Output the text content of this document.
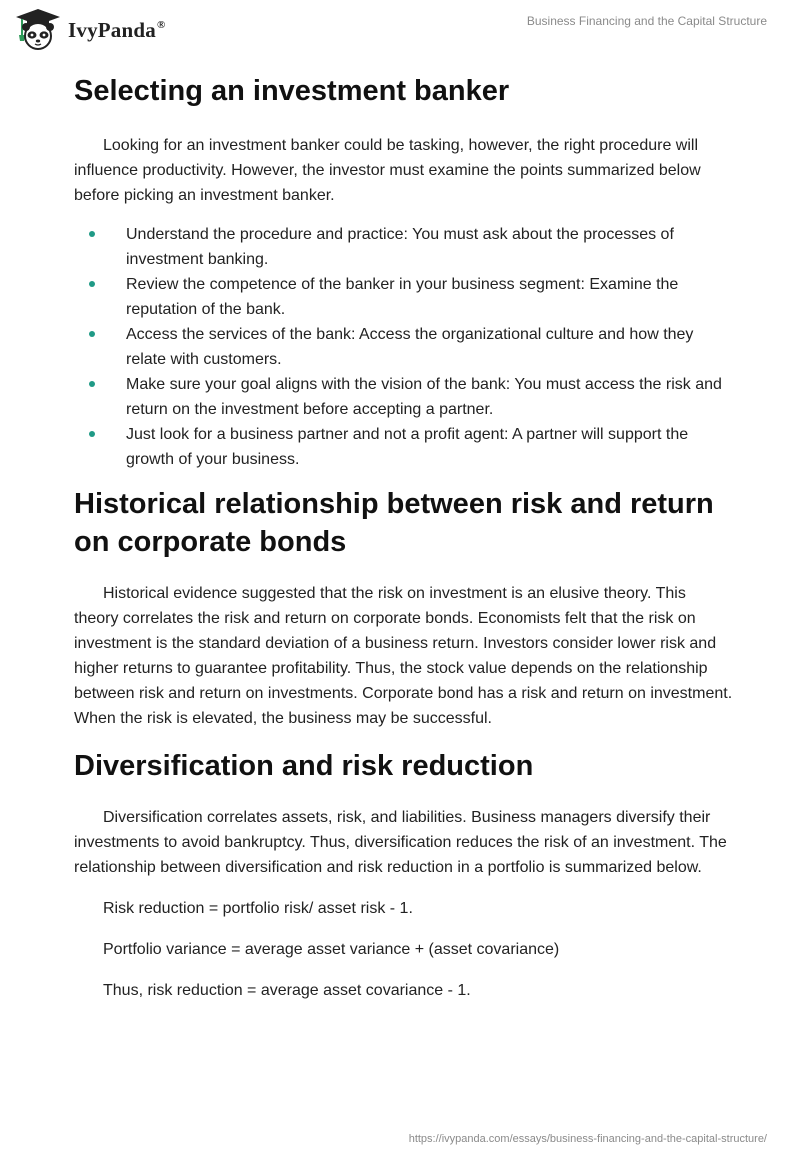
IvyPanda®	Business Financing and the Capital Structure
Selecting an investment banker

Looking for an investment banker could be tasking, however, the right procedure will influence productivity. However, the investor must examine the points summarized below before picking an investment banker.

Understand the procedure and practice: You must ask about the processes of investment banking.
Review the competence of the banker in your business segment: Examine the reputation of the bank.
Access the services of the bank: Access the organizational culture and how they relate with customers.
Make sure your goal aligns with the vision of the bank: You must access the risk and return on the investment before accepting a partner.
Just look for a business partner and not a profit agent: A partner will support the growth of your business.
Historical relationship between risk and return on corporate bonds

Historical evidence suggested that the risk on investment is an elusive theory. This theory correlates the risk and return on corporate bonds. Economists felt that the risk on investment is the standard deviation of a business return. Investors consider lower risk and higher returns to guarantee profitability. Thus, the stock value depends on the relationship between risk and return on investments. Corporate bond has a risk and return on investment. When the risk is elevated, the business may be successful.

Diversification and risk reduction

Diversification correlates assets, risk, and liabilities. Business managers diversify their investments to avoid bankruptcy. Thus, diversification reduces the risk of an investment. The relationship between diversification and risk reduction in a portfolio is summarized below.

Risk reduction = portfolio risk/ asset risk - 1.

Portfolio variance = average asset variance + (asset covariance)

Thus, risk reduction = average asset covariance - 1.

https://ivypanda.com/essays/business-financing-and-the-capital-structure/
